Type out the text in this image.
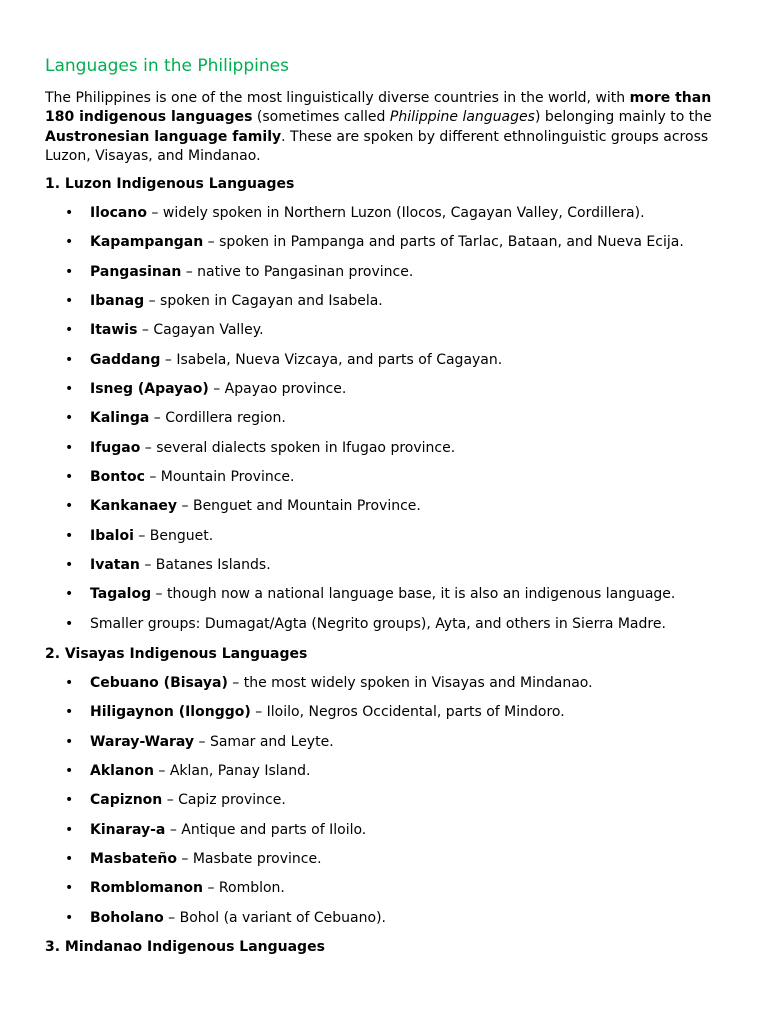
Languages in the Philippines

The Philippines is one of the most linguistically diverse countries in the world, with more than 180 indigenous languages (sometimes called Philippine languages) belonging mainly to the Austronesian language family. These are spoken by different ethnolinguistic groups across Luzon, Visayas, and Mindanao.

1. Luzon Indigenous Languages
• Ilocano – widely spoken in Northern Luzon (Ilocos, Cagayan Valley, Cordillera).
• Kapampangan – spoken in Pampanga and parts of Tarlac, Bataan, and Nueva Ecija.
• Pangasinan – native to Pangasinan province.
• Ibanag – spoken in Cagayan and Isabela.
• Itawis – Cagayan Valley.
• Gaddang – Isabela, Nueva Vizcaya, and parts of Cagayan.
• Isneg (Apayao) – Apayao province.
• Kalinga – Cordillera region.
• Ifugao – several dialects spoken in Ifugao province.
• Bontoc – Mountain Province.
• Kankanaey – Benguet and Mountain Province.
• Ibaloi – Benguet.
• Ivatan – Batanes Islands.
• Tagalog – though now a national language base, it is also an indigenous language.
• Smaller groups: Dumagat/Agta (Negrito groups), Ayta, and others in Sierra Madre.
2. Visayas Indigenous Languages
• Cebuano (Bisaya) – the most widely spoken in Visayas and Mindanao.
• Hiligaynon (Ilonggo) – Iloilo, Negros Occidental, parts of Mindoro.
• Waray-Waray – Samar and Leyte.
• Aklanon – Aklan, Panay Island.
• Capiznon – Capiz province.
• Kinaray-a – Antique and parts of Iloilo.
• Masbateño – Masbate province.
• Romblomanon – Romblon.
• Boholano – Bohol (a variant of Cebuano).
3. Mindanao Indigenous Languages
